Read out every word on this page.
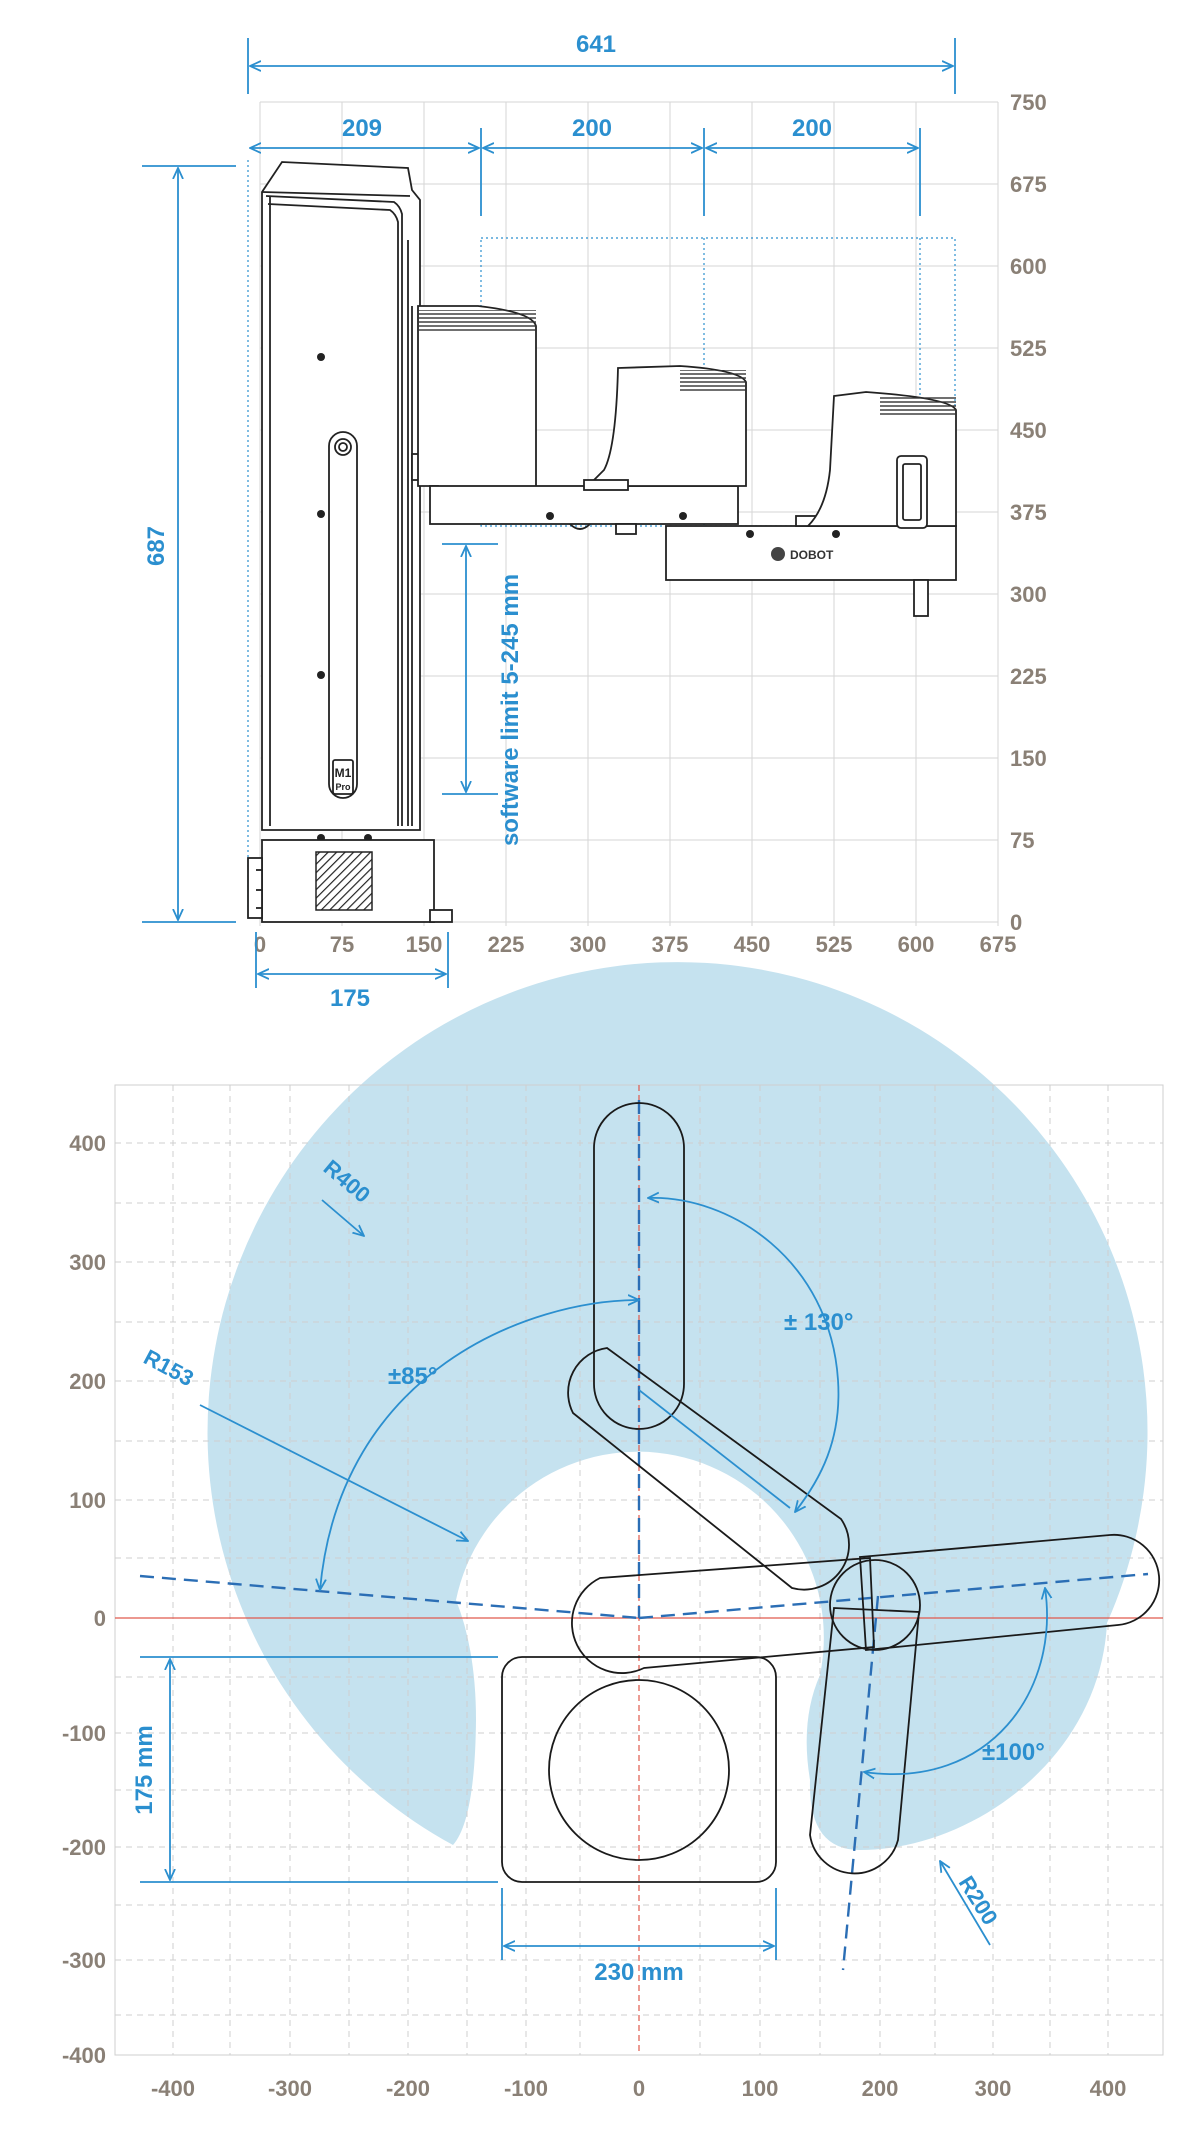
750
675
600
525
450
375
300
225
150
75
0
0	75 150 225 300 375 450 525 600 675
M1
Pro
DOBOT
641
209	200	200
687
175
software limit 5-245 mm
400
300
200
100
0
-100
-200
-300
-400
-400	-300	-200	-100	0	100	200	300	400
R400
R153
R200
± 130°
±85°
±100°
175 mm
230 mm
